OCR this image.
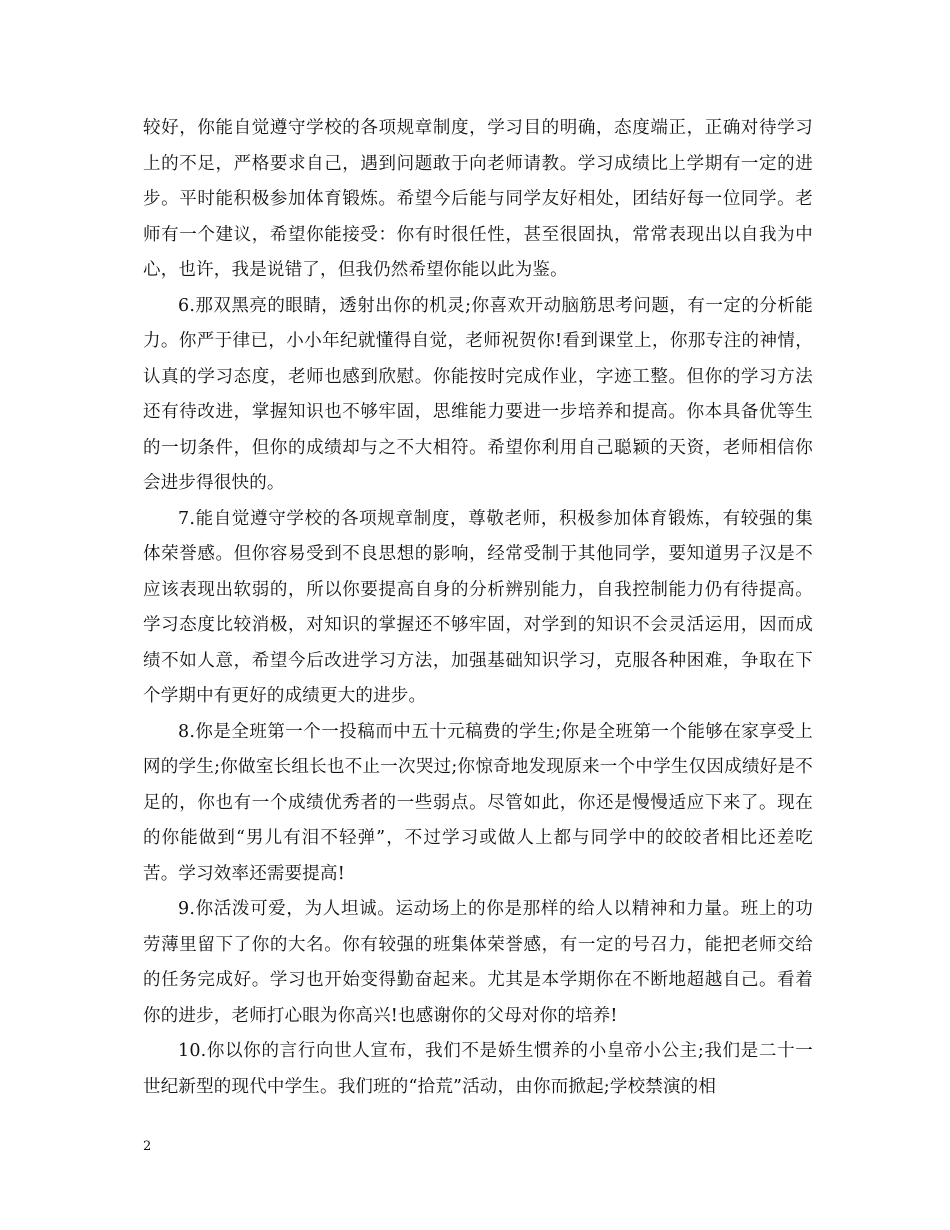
较好，你能自觉遵守学校的各项规章制度，学习目的明确，态度端正，正确对待学习上的不足，严格要求自己，遇到问题敢于向老师请教。学习成绩比上学期有一定的进步。平时能积极参加体育锻炼。希望今后能与同学友好相处，团结好每一位同学。老师有一个建议，希望你能接受：你有时很任性，甚至很固执，常常表现出以自我为中心，也许，我是说错了，但我仍然希望你能以此为鉴。

6.那双黑亮的眼睛，透射出你的机灵;你喜欢开动脑筋思考问题，有一定的分析能力。你严于律已，小小年纪就懂得自觉，老师祝贺你!看到课堂上，你那专注的神情，认真的学习态度，老师也感到欣慰。你能按时完成作业，字迹工整。但你的学习方法还有待改进，掌握知识也不够牢固，思维能力要进一步培养和提高。你本具备优等生的一切条件，但你的成绩却与之不大相符。希望你利用自己聪颖的天资，老师相信你会进步得很快的。

7.能自觉遵守学校的各项规章制度，尊敬老师，积极参加体育锻炼，有较强的集体荣誉感。但你容易受到不良思想的影响，经常受制于其他同学，要知道男子汉是不应该表现出软弱的，所以你要提高自身的分析辨别能力，自我控制能力仍有待提高。学习态度比较消极，对知识的掌握还不够牢固，对学到的知识不会灵活运用，因而成绩不如人意，希望今后改进学习方法，加强基础知识学习，克服各种困难，争取在下个学期中有更好的成绩更大的进步。

8.你是全班第一个一投稿而中五十元稿费的学生;你是全班第一个能够在家享受上网的学生;你做室长组长也不止一次哭过;你惊奇地发现原来一个中学生仅因成绩好是不足的，你也有一个成绩优秀者的一些弱点。尽管如此，你还是慢慢适应下来了。现在的你能做到“男儿有泪不轻弹”，不过学习或做人上都与同学中的皎皎者相比还差吃苦。学习效率还需要提高!

9.你活泼可爱，为人坦诚。运动场上的你是那样的给人以精神和力量。班上的功劳薄里留下了你的大名。你有较强的班集体荣誉感，有一定的号召力，能把老师交给的任务完成好。学习也开始变得勤奋起来。尤其是本学期你在不断地超越自己。看着你的进步，老师打心眼为你高兴!也感谢你的父母对你的培养!

10.你以你的言行向世人宣布，我们不是娇生惯养的小皇帝小公主;我们是二十一世纪新型的现代中学生。我们班的“拾荒”活动，由你而掀起;学校禁演的相

2
